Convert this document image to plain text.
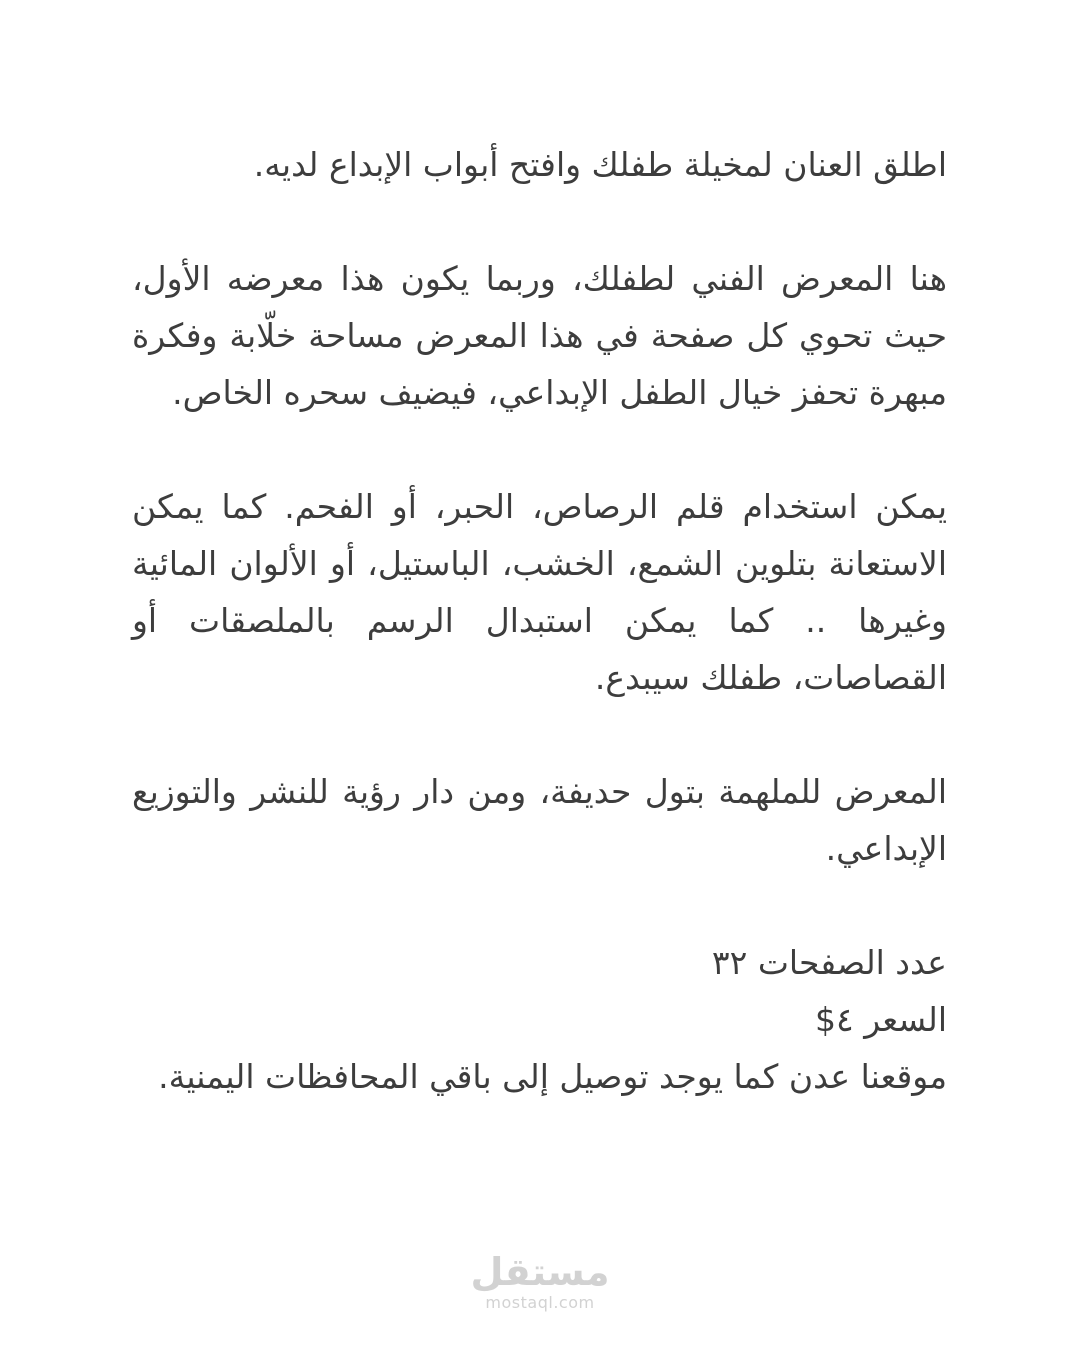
اطلق العنان لمخيلة طفلك وافتح أبواب الإبداع لديه.

هنا المعرض الفني لطفلك، وربما يكون هذا معرضه الأول، حيث تحوي كل صفحة في هذا المعرض مساحة خلّابة وفكرة مبهرة تحفز خيال الطفل الإبداعي، فيضيف سحره الخاص.

يمكن استخدام قلم الرصاص، الحبر، أو الفحم. كما يمكن الاستعانة بتلوين الشمع، الخشب، الباستيل، أو الألوان المائية وغيرها .. كما يمكن استبدال الرسم بالملصقات أو القصاصات، طفلك سيبدع.

المعرض للملهمة بتول حديفة، ومن دار رؤية للنشر والتوزيع الإبداعي.

عدد الصفحات ٣٢
السعر ٤$
موقعنا عدن كما يوجد توصيل إلى باقي المحافظات اليمنية.
مستقل
mostaql.com
